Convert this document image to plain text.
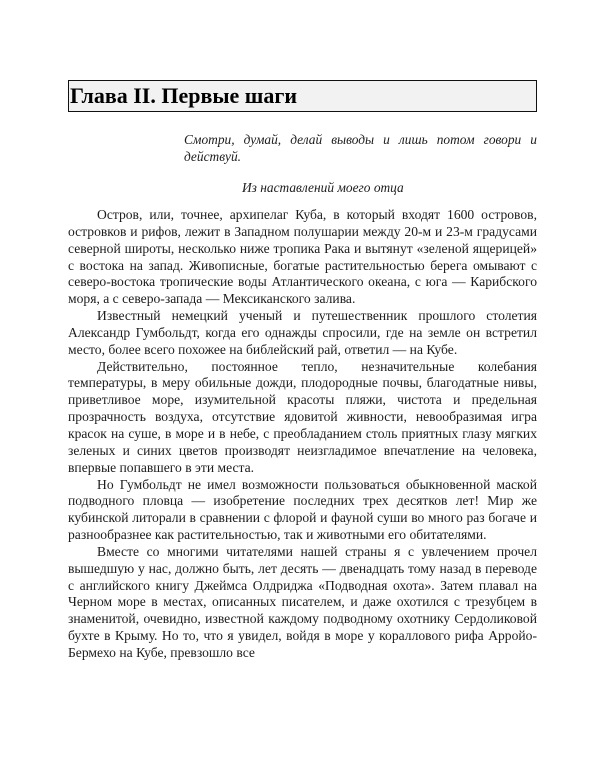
Глава II. Первые шаги
Смотри, думай, делай выводы и лишь потом говори и действуй.
Из наставлений моего отца

Остров, или, точнее, архипелаг Куба, в который входят 1600 островов, островков и рифов, лежит в Западном полушарии между 20-м и 23-м градусами северной широты, несколько ниже тропика Рака и вытянут «зеленой ящерицей» с востока на запад. Живописные, богатые растительностью берега омывают с северо-востока тропические воды Атлантического океана, с юга — Карибского моря, а с северо-запада — Мексиканского залива.

Известный немецкий ученый и путешественник прошлого столетия Александр Гумбольдт, когда его однажды спросили, где на земле он встретил место, более всего похожее на библейский рай, ответил — на Кубе.

Действительно, постоянное тепло, незначительные колебания температуры, в меру обильные дожди, плодородные почвы, благодатные нивы, приветливое море, изумительной красоты пляжи, чистота и предельная прозрачность воздуха, отсутствие ядовитой живности, невообразимая игра красок на суше, в море и в небе, с преобладанием столь приятных глазу мягких зеленых и синих цветов производят неизгладимое впечатление на человека, впервые попавшего в эти места.

Но Гумбольдт не имел возможности пользоваться обыкновенной маской подводного пловца — изобретение последних трех десятков лет! Мир же кубинской литорали в сравнении с флорой и фауной суши во много раз богаче и разнообразнее как растительностью, так и животными его обитателями.

Вместе со многими читателями нашей страны я с увлечением прочел вышедшую у нас, должно быть, лет десять — двенадцать тому назад в переводе с английского книгу Джеймса Олдриджа «Подводная охота». Затем плавал на Черном море в местах, описанных писателем, и даже охотился с трезубцем в знаменитой, очевидно, известной каждому подводному охотнику Сердоликовой бухте в Крыму. Но то, что я увидел, войдя в море у кораллового рифа Арройо-Бермехо на Кубе, превзошло все
